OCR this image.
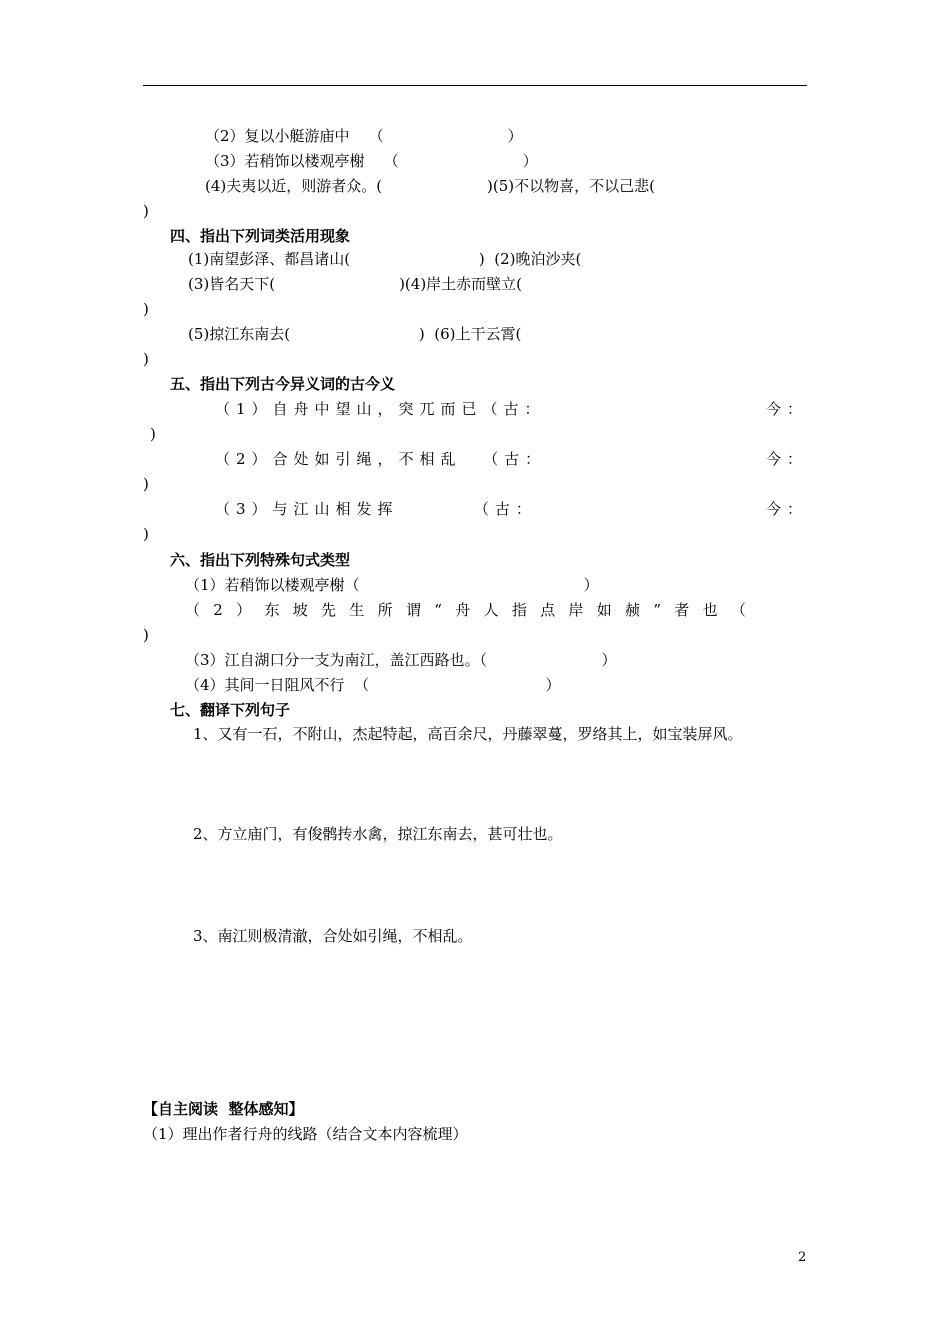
（2）复以小艇游庙中    （                          ）
（3）若稍饰以楼观亭榭    （                          ）
(4)夫夷以近，则游者众。(                      )(5)不以物喜，不以己悲(
)
四、指出下列词类活用现象
(1)南望彭泽、都昌诸山(                           )  (2)晚泊沙夹(
(3)皆名天下(                          )(4)岸土赤而壁立(
)
(5)掠江东南去(                           )  (6)上干云霄(
)
五、指出下列古今异义词的古今义
（1）自舟中望山，突兀而已（古：	今：
)
（2）合处如引绳，不相乱  （古：	今：
)
（3）与江山相发挥       （古：	今：
)
六、指出下列特殊句式类型
（1）若稍饰以楼观亭榭（                                               ）
（2）东坡先生所谓“舟人指点岸如赪”者也（
)
（3）江自湖口分一支为南江，盖江西路也。（                        ）
（4）其间一日阻风不行  （                                     ）
七、翻译下列句子
1、又有一石，不附山，杰起特起，高百余尺，丹藤翠蔓，罗络其上，如宝装屏风。
2、方立庙门，有俊鹘抟水禽，掠江东南去，甚可壮也。
3、南江则极清澈，合处如引绳，不相乱。
【自主阅读  整体感知】
（1）理出作者行舟的线路（结合文本内容梳理）
2
